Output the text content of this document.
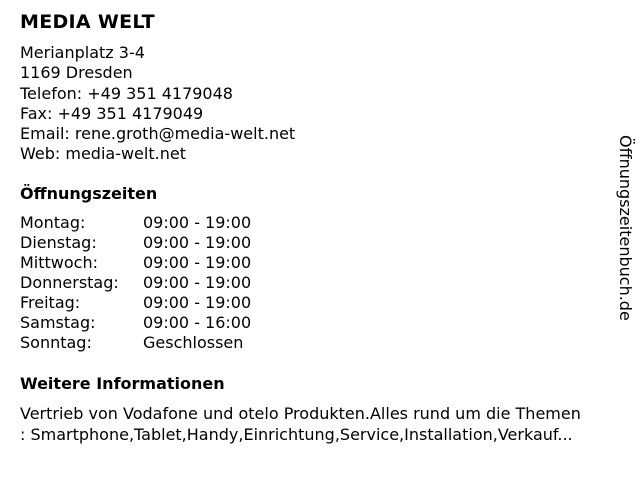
MEDIA WELT
Merianplatz 3-4
1169 Dresden
Telefon: +49 351 4179048
Fax: +49 351 4179049
Email: rene.groth@media-welt.net
Web: media-welt.net
Öffnungszeiten
Montag:	09:00 - 19:00
Dienstag:	09:00 - 19:00
Mittwoch:	09:00 - 19:00
Donnerstag:	09:00 - 19:00
Freitag:	09:00 - 19:00
Samstag:	09:00 - 16:00
Sonntag:	Geschlossen
Weitere Informationen
Vertrieb von Vodafone und otelo Produkten.Alles rund um die Themen
: Smartphone,Tablet,Handy,Einrichtung,Service,Installation,Verkauf...
Öffnungszeitenbuch.de
